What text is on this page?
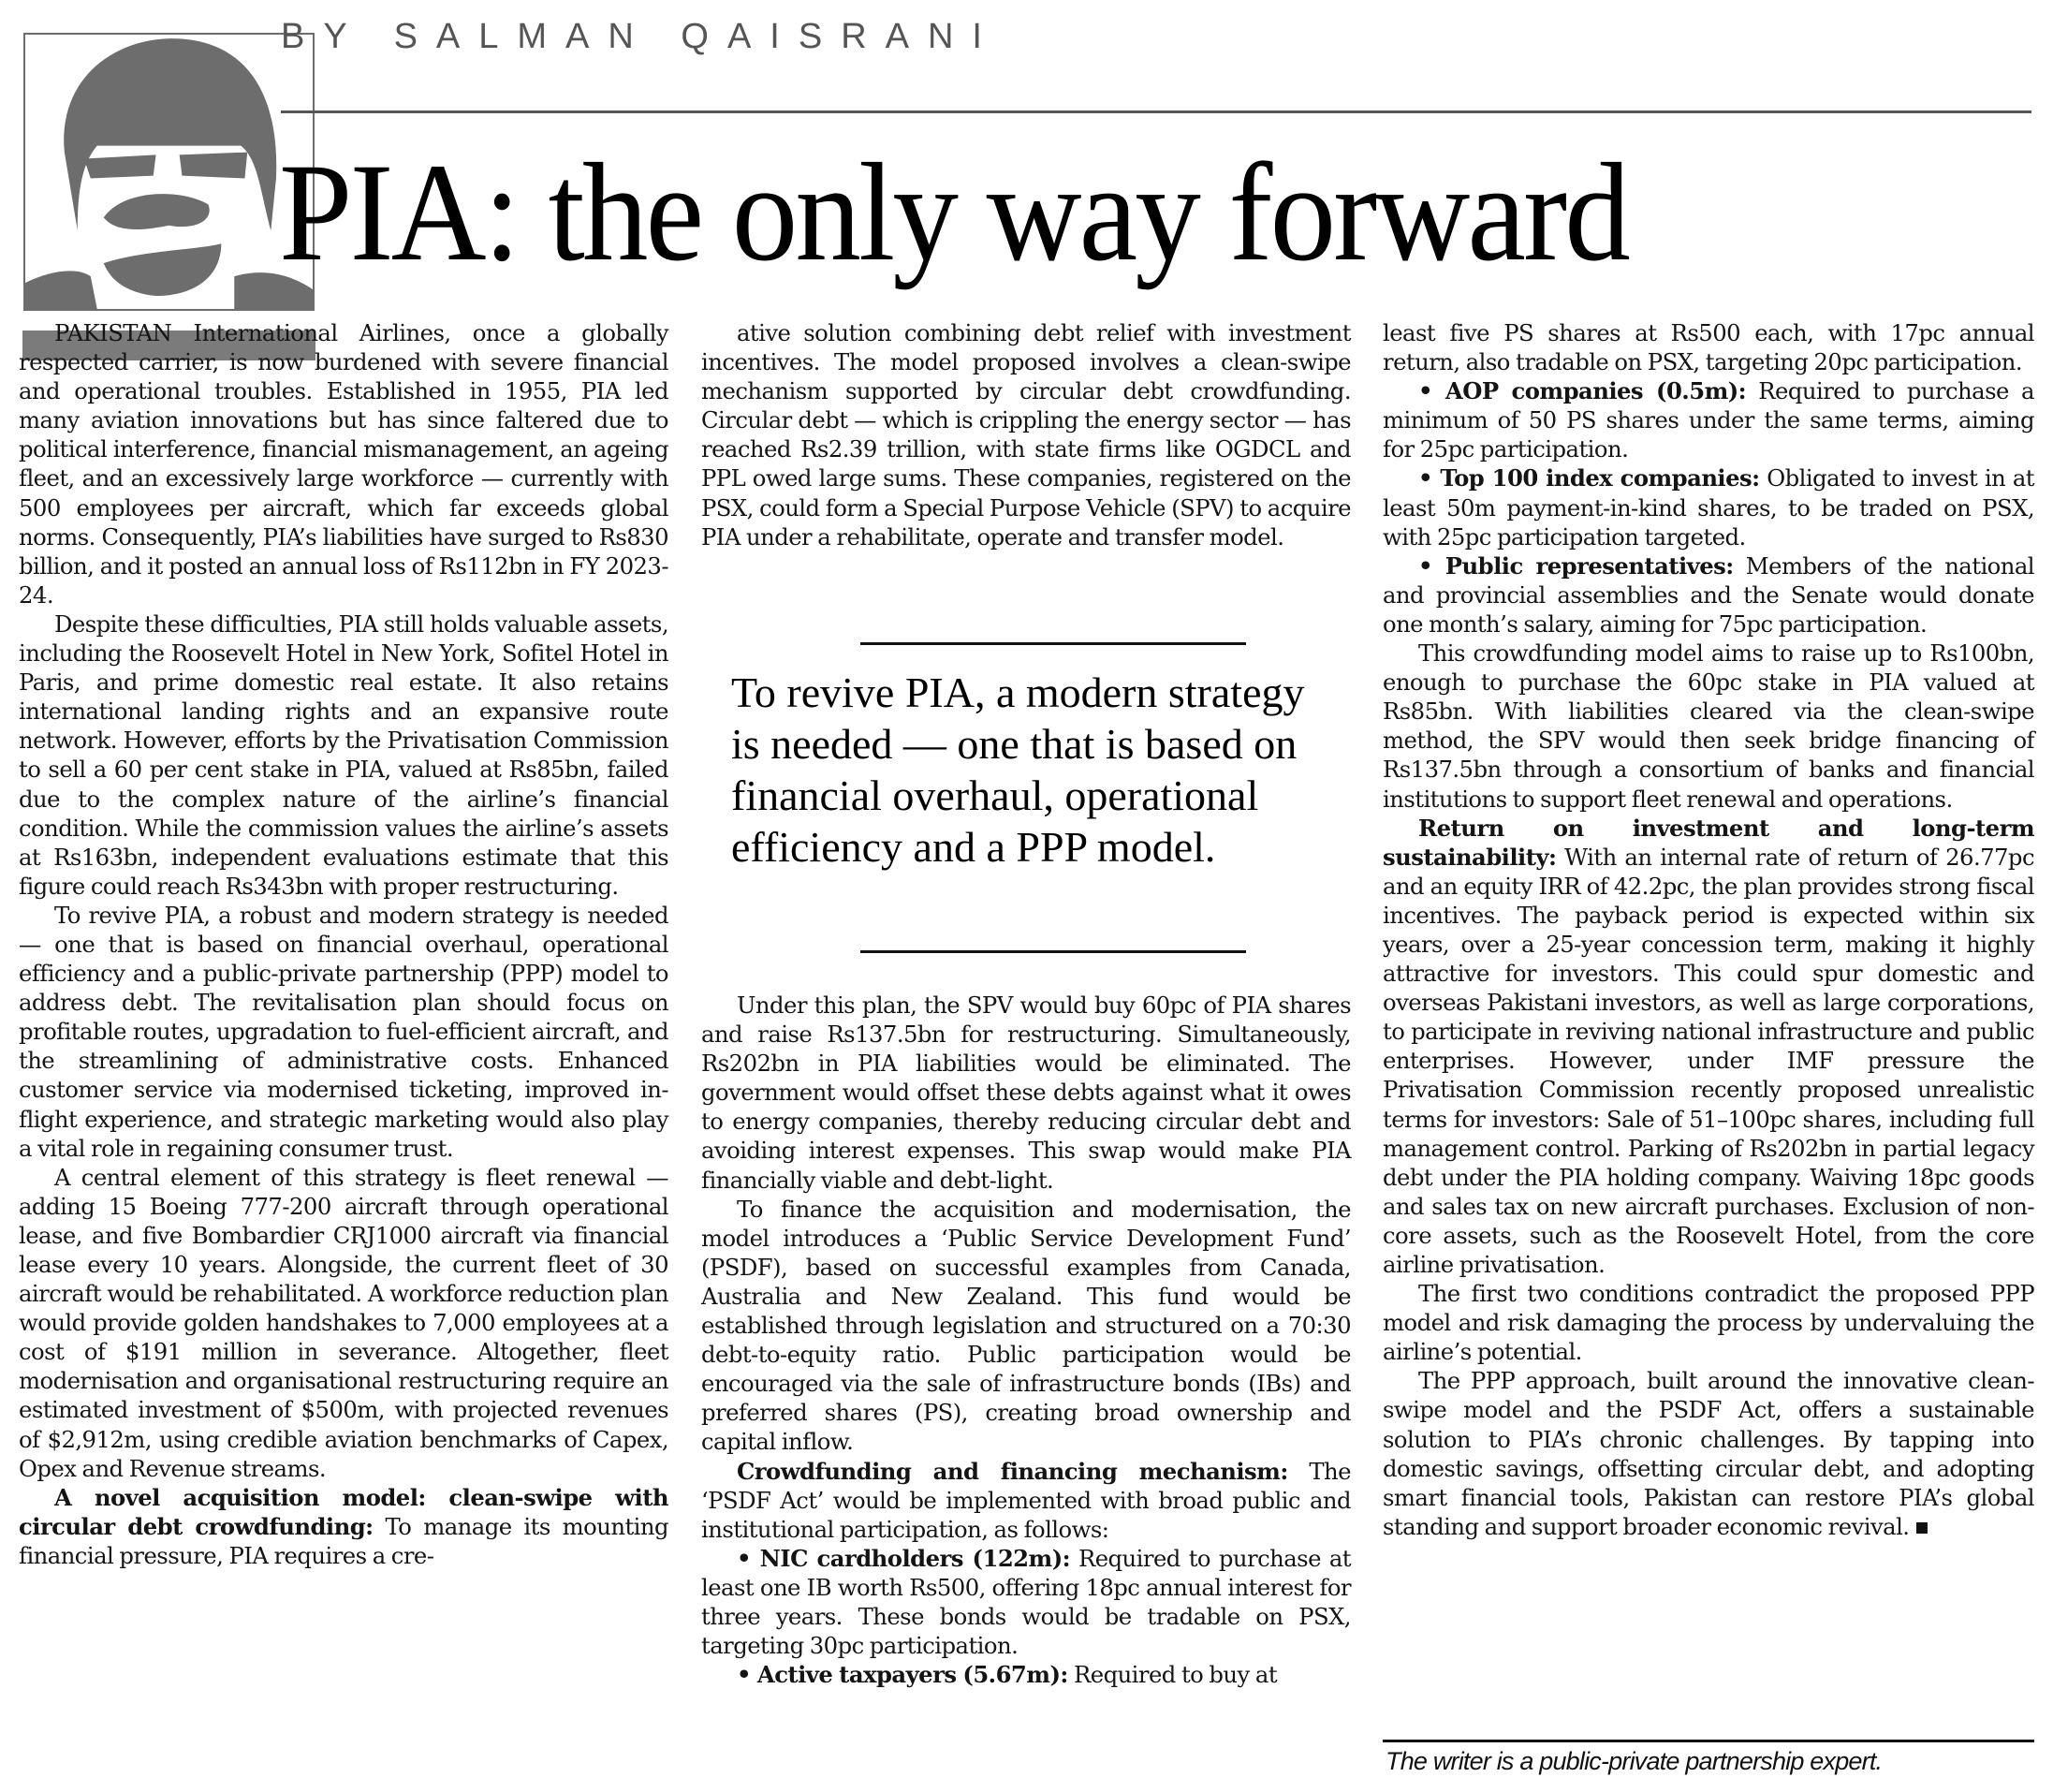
BY SALMAN QAISRANI
PIA: the only way forward

PAKISTAN International Airlines, once a globally respected carrier, is now burdened with severe financial and operational troubles. Established in 1955, PIA led many aviation innovations but has since faltered due to political interference, financial mismanagement, an ageing fleet, and an excessively large workforce — currently with 500 employees per aircraft, which far exceeds global norms. Consequently, PIA’s liabilities have surged to Rs830 billion, and it posted an annual loss of Rs112bn in FY 2023-24.

Despite these difficulties, PIA still holds valuable assets, including the Roosevelt Hotel in New York, Sofitel Hotel in Paris, and prime domestic real estate. It also retains international landing rights and an expansive route network. However, efforts by the Privatisation Commission to sell a 60 per cent stake in PIA, valued at Rs85bn, failed due to the complex nature of the airline’s financial condition. While the commission values the airline’s assets at Rs163bn, independent evaluations estimate that this figure could reach Rs343bn with proper restructuring.

To revive PIA, a robust and modern strategy is needed — one that is based on financial overhaul, operational efficiency and a public-private partnership (PPP) model to address debt. The revitalisation plan should focus on profitable routes, upgradation to fuel-efficient aircraft, and the streamlining of administrative costs. Enhanced customer service via modernised ticketing, improved in-flight experience, and strategic marketing would also play a vital role in regaining consumer trust.

A central element of this strategy is fleet renewal — adding 15 Boeing 777-200 aircraft through operational lease, and five Bombardier CRJ1000 aircraft via financial lease every 10 years. Alongside, the current fleet of 30 aircraft would be rehabilitated. A workforce reduction plan would provide golden handshakes to 7,000 employees at a cost of $191 million in severance. Altogether, fleet modernisation and organisational restructuring require an estimated investment of $500m, with projected revenues of $2,912m, using credible aviation benchmarks of Capex, Opex and Revenue streams.

A novel acquisition model: clean-swipe with circular debt crowdfunding: To manage its mounting financial pressure, PIA requires a cre-

ative solution combining debt relief with investment incentives. The model proposed involves a clean-swipe mechanism supported by circular debt crowdfunding. Circular debt — which is crippling the energy sector — has reached Rs2.39 trillion, with state firms like OGDCL and PPL owed large sums. These companies, registered on the PSX, could form a Special Purpose Vehicle (SPV) to acquire PIA under a rehabilitate, operate and transfer model.

To revive PIA, a modern strategy is needed — one that is based on financial overhaul, operational efficiency and a PPP model.

Under this plan, the SPV would buy 60pc of PIA shares and raise Rs137.5bn for restructuring. Simultaneously, Rs202bn in PIA liabilities would be eliminated. The government would offset these debts against what it owes to energy companies, thereby reducing circular debt and avoiding interest expenses. This swap would make PIA financially viable and debt-light.

To finance the acquisition and modernisation, the model introduces a ‘Public Service Development Fund’ (PSDF), based on successful examples from Canada, Australia and New Zealand. This fund would be established through legislation and structured on a 70:30 debt-to-equity ratio. Public participation would be encouraged via the sale of infrastructure bonds (IBs) and preferred shares (PS), creating broad ownership and capital inflow.

Crowdfunding and financing mechanism: The ‘PSDF Act’ would be implemented with broad public and institutional participation, as follows:

• NIC cardholders (122m): Required to purchase at least one IB worth Rs500, offering 18pc annual interest for three years. These bonds would be tradable on PSX, targeting 30pc participation.

• Active taxpayers (5.67m): Required to buy at

least five PS shares at Rs500 each, with 17pc annual return, also tradable on PSX, targeting 20pc participation.

• AOP companies (0.5m): Required to purchase a minimum of 50 PS shares under the same terms, aiming for 25pc participation.

• Top 100 index companies: Obligated to invest in at least 50m payment-in-kind shares, to be traded on PSX, with 25pc participation targeted.

• Public representatives: Members of the national and provincial assemblies and the Senate would donate one month’s salary, aiming for 75pc participation.

This crowdfunding model aims to raise up to Rs100bn, enough to purchase the 60pc stake in PIA valued at Rs85bn. With liabilities cleared via the clean-swipe method, the SPV would then seek bridge financing of Rs137.5bn through a consortium of banks and financial institutions to support fleet renewal and operations.

Return on investment and long-term sustainability: With an internal rate of return of 26.77pc and an equity IRR of 42.2pc, the plan provides strong fiscal incentives. The payback period is expected within six years, over a 25-year concession term, making it highly attractive for investors. This could spur domestic and overseas Pakistani investors, as well as large corporations, to participate in reviving national infrastructure and public enterprises. However, under IMF pressure the Privatisation Commission recently proposed unrealistic terms for investors: Sale of 51–100pc shares, including full management control. Parking of Rs202bn in partial legacy debt under the PIA holding company. Waiving 18pc goods and sales tax on new aircraft purchases. Exclusion of non-core assets, such as the Roosevelt Hotel, from the core airline privatisation.

The first two conditions contradict the proposed PPP model and risk damaging the process by undervaluing the airline’s potential.

The PPP approach, built around the innovative clean-swipe model and the PSDF Act, offers a sustainable solution to PIA’s chronic challenges. By tapping into domestic savings, offsetting circular debt, and adopting smart financial tools, Pakistan can restore PIA’s global standing and support broader economic revival.

The writer is a public-private partnership expert.
